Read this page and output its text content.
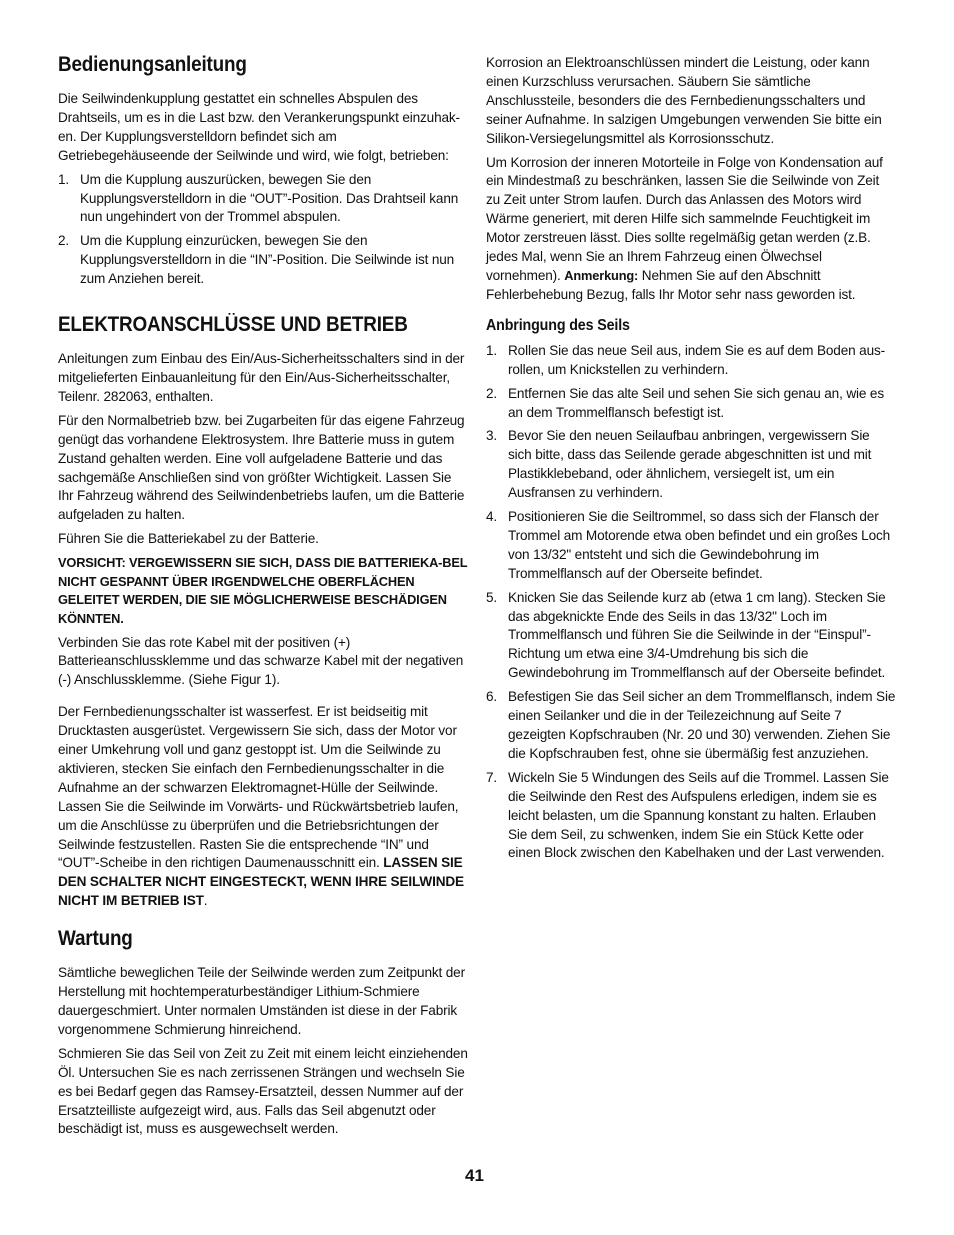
Bedienungsanleitung

Die Seilwindenkupplung gestattet ein schnelles Abspulen des Drahtseils, um es in die Last bzw. den Verankerungspunkt einzuhak-en. Der Kupplungsverstelldorn befindet sich am Getriebegehäuseende der Seilwinde und wird, wie folgt, betrieben:

1. Um die Kupplung auszurücken, bewegen Sie den Kupplungsverstelldorn in die “OUT”-Position. Das Drahtseil kann nun ungehindert von der Trommel abspulen.
2. Um die Kupplung einzurücken, bewegen Sie den Kupplungsverstelldorn in die “IN”-Position. Die Seilwinde ist nun zum Anziehen bereit.
ELEKTROANSCHLÜSSE UND BETRIEB

Anleitungen zum Einbau des Ein/Aus-Sicherheitsschalters sind in der mitgelieferten Einbauanleitung für den Ein/Aus-Sicherheitsschalter, Teilenr. 282063, enthalten.

Für den Normalbetrieb bzw. bei Zugarbeiten für das eigene Fahrzeug genügt das vorhandene Elektrosystem. Ihre Batterie muss in gutem Zustand gehalten werden. Eine voll aufgeladene Batterie und das sachgemäße Anschließen sind von größter Wichtigkeit. Lassen Sie Ihr Fahrzeug während des Seilwindenbetriebs laufen, um die Batterie aufgeladen zu halten.

Führen Sie die Batteriekabel zu der Batterie.

VORSICHT: VERGEWISSERN SIE SICH, DASS DIE BATTERIEKA-BEL NICHT GESPANNT ÜBER IRGENDWELCHE OBERFLÄCHEN GELEITET WERDEN, DIE SIE MÖGLICHERWEISE BESCHÄDIGEN KÖNNTEN.

Verbinden Sie das rote Kabel mit der positiven (+) Batterieanschlussklemme und das schwarze Kabel mit der negativen (-) Anschlussklemme. (Siehe Figur 1).

Der Fernbedienungsschalter ist wasserfest. Er ist beidseitig mit Drucktasten ausgerüstet. Vergewissern Sie sich, dass der Motor vor einer Umkehrung voll und ganz gestoppt ist. Um die Seilwinde zu aktivieren, stecken Sie einfach den Fernbedienungsschalter in die Aufnahme an der schwarzen Elektromagnet-Hülle der Seilwinde. Lassen Sie die Seilwinde im Vorwärts- und Rückwärtsbetrieb laufen, um die Anschlüsse zu überprüfen und die Betriebsrichtungen der Seilwinde festzustellen. Rasten Sie die entsprechende “IN” und “OUT”-Scheibe in den richtigen Daumenausschnitt ein. LASSEN SIE DEN SCHALTER NICHT EINGESTECKT, WENN IHRE SEILWINDE NICHT IM BETRIEB IST.

Wartung

Sämtliche beweglichen Teile der Seilwinde werden zum Zeitpunkt der Herstellung mit hochtemperaturbeständiger Lithium-Schmiere dauergeschmiert. Unter normalen Umständen ist diese in der Fabrik vorgenommene Schmierung hinreichend.

Schmieren Sie das Seil von Zeit zu Zeit mit einem leicht einziehenden Öl. Untersuchen Sie es nach zerrissenen Strängen und wechseln Sie es bei Bedarf gegen das Ramsey-Ersatzteil, dessen Nummer auf der Ersatzteilliste aufgezeigt wird, aus. Falls das Seil abgenutzt oder beschädigt ist, muss es ausgewechselt werden.

Korrosion an Elektroanschlüssen mindert die Leistung, oder kann einen Kurzschluss verursachen. Säubern Sie sämtliche Anschlussteile, besonders die des Fernbedienungsschalters und seiner Aufnahme. In salzigen Umgebungen verwenden Sie bitte ein Silikon-Versiegelungsmittel als Korrosionsschutz.

Um Korrosion der inneren Motorteile in Folge von Kondensation auf ein Mindestmaß zu beschränken, lassen Sie die Seilwinde von Zeit zu Zeit unter Strom laufen. Durch das Anlassen des Motors wird Wärme generiert, mit deren Hilfe sich sammelnde Feuchtigkeit im Motor zerstreuen lässt. Dies sollte regelmäßig getan werden (z.B. jedes Mal, wenn Sie an Ihrem Fahrzeug einen Ölwechsel vornehmen). Anmerkung: Nehmen Sie auf den Abschnitt Fehlerbehebung Bezug, falls Ihr Motor sehr nass geworden ist.

Anbringung des Seils
1. Rollen Sie das neue Seil aus, indem Sie es auf dem Boden aus-rollen, um Knickstellen zu verhindern.
2. Entfernen Sie das alte Seil und sehen Sie sich genau an, wie es an dem Trommelflansch befestigt ist.
3. Bevor Sie den neuen Seilaufbau anbringen, vergewissern Sie sich bitte, dass das Seilende gerade abgeschnitten ist und mit Plastikklebeband, oder ähnlichem, versiegelt ist, um ein Ausfransen zu verhindern.
4. Positionieren Sie die Seiltrommel, so dass sich der Flansch der Trommel am Motorende etwa oben befindet und ein großes Loch von 13/32" entsteht und sich die Gewindebohrung im Trommelflansch auf der Oberseite befindet.
5. Knicken Sie das Seilende kurz ab (etwa 1 cm lang). Stecken Sie das abgeknickte Ende des Seils in das 13/32" Loch im Trommelflansch und führen Sie die Seilwinde in der “Einspul”-Richtung um etwa eine 3/4-Umdrehung bis sich die Gewindebohrung im Trommelflansch auf der Oberseite befindet.
6. Befestigen Sie das Seil sicher an dem Trommelflansch, indem Sie einen Seilanker und die in der Teilezeichnung auf Seite 7 gezeigten Kopfschrauben (Nr. 20 und 30) verwenden. Ziehen Sie die Kopfschrauben fest, ohne sie übermäßig fest anzuziehen.
7. Wickeln Sie 5 Windungen des Seils auf die Trommel. Lassen Sie die Seilwinde den Rest des Aufspulens erledigen, indem sie es leicht belasten, um die Spannung konstant zu halten. Erlauben Sie dem Seil, zu schwenken, indem Sie ein Stück Kette oder einen Block zwischen den Kabelhaken und der Last verwenden.
41
